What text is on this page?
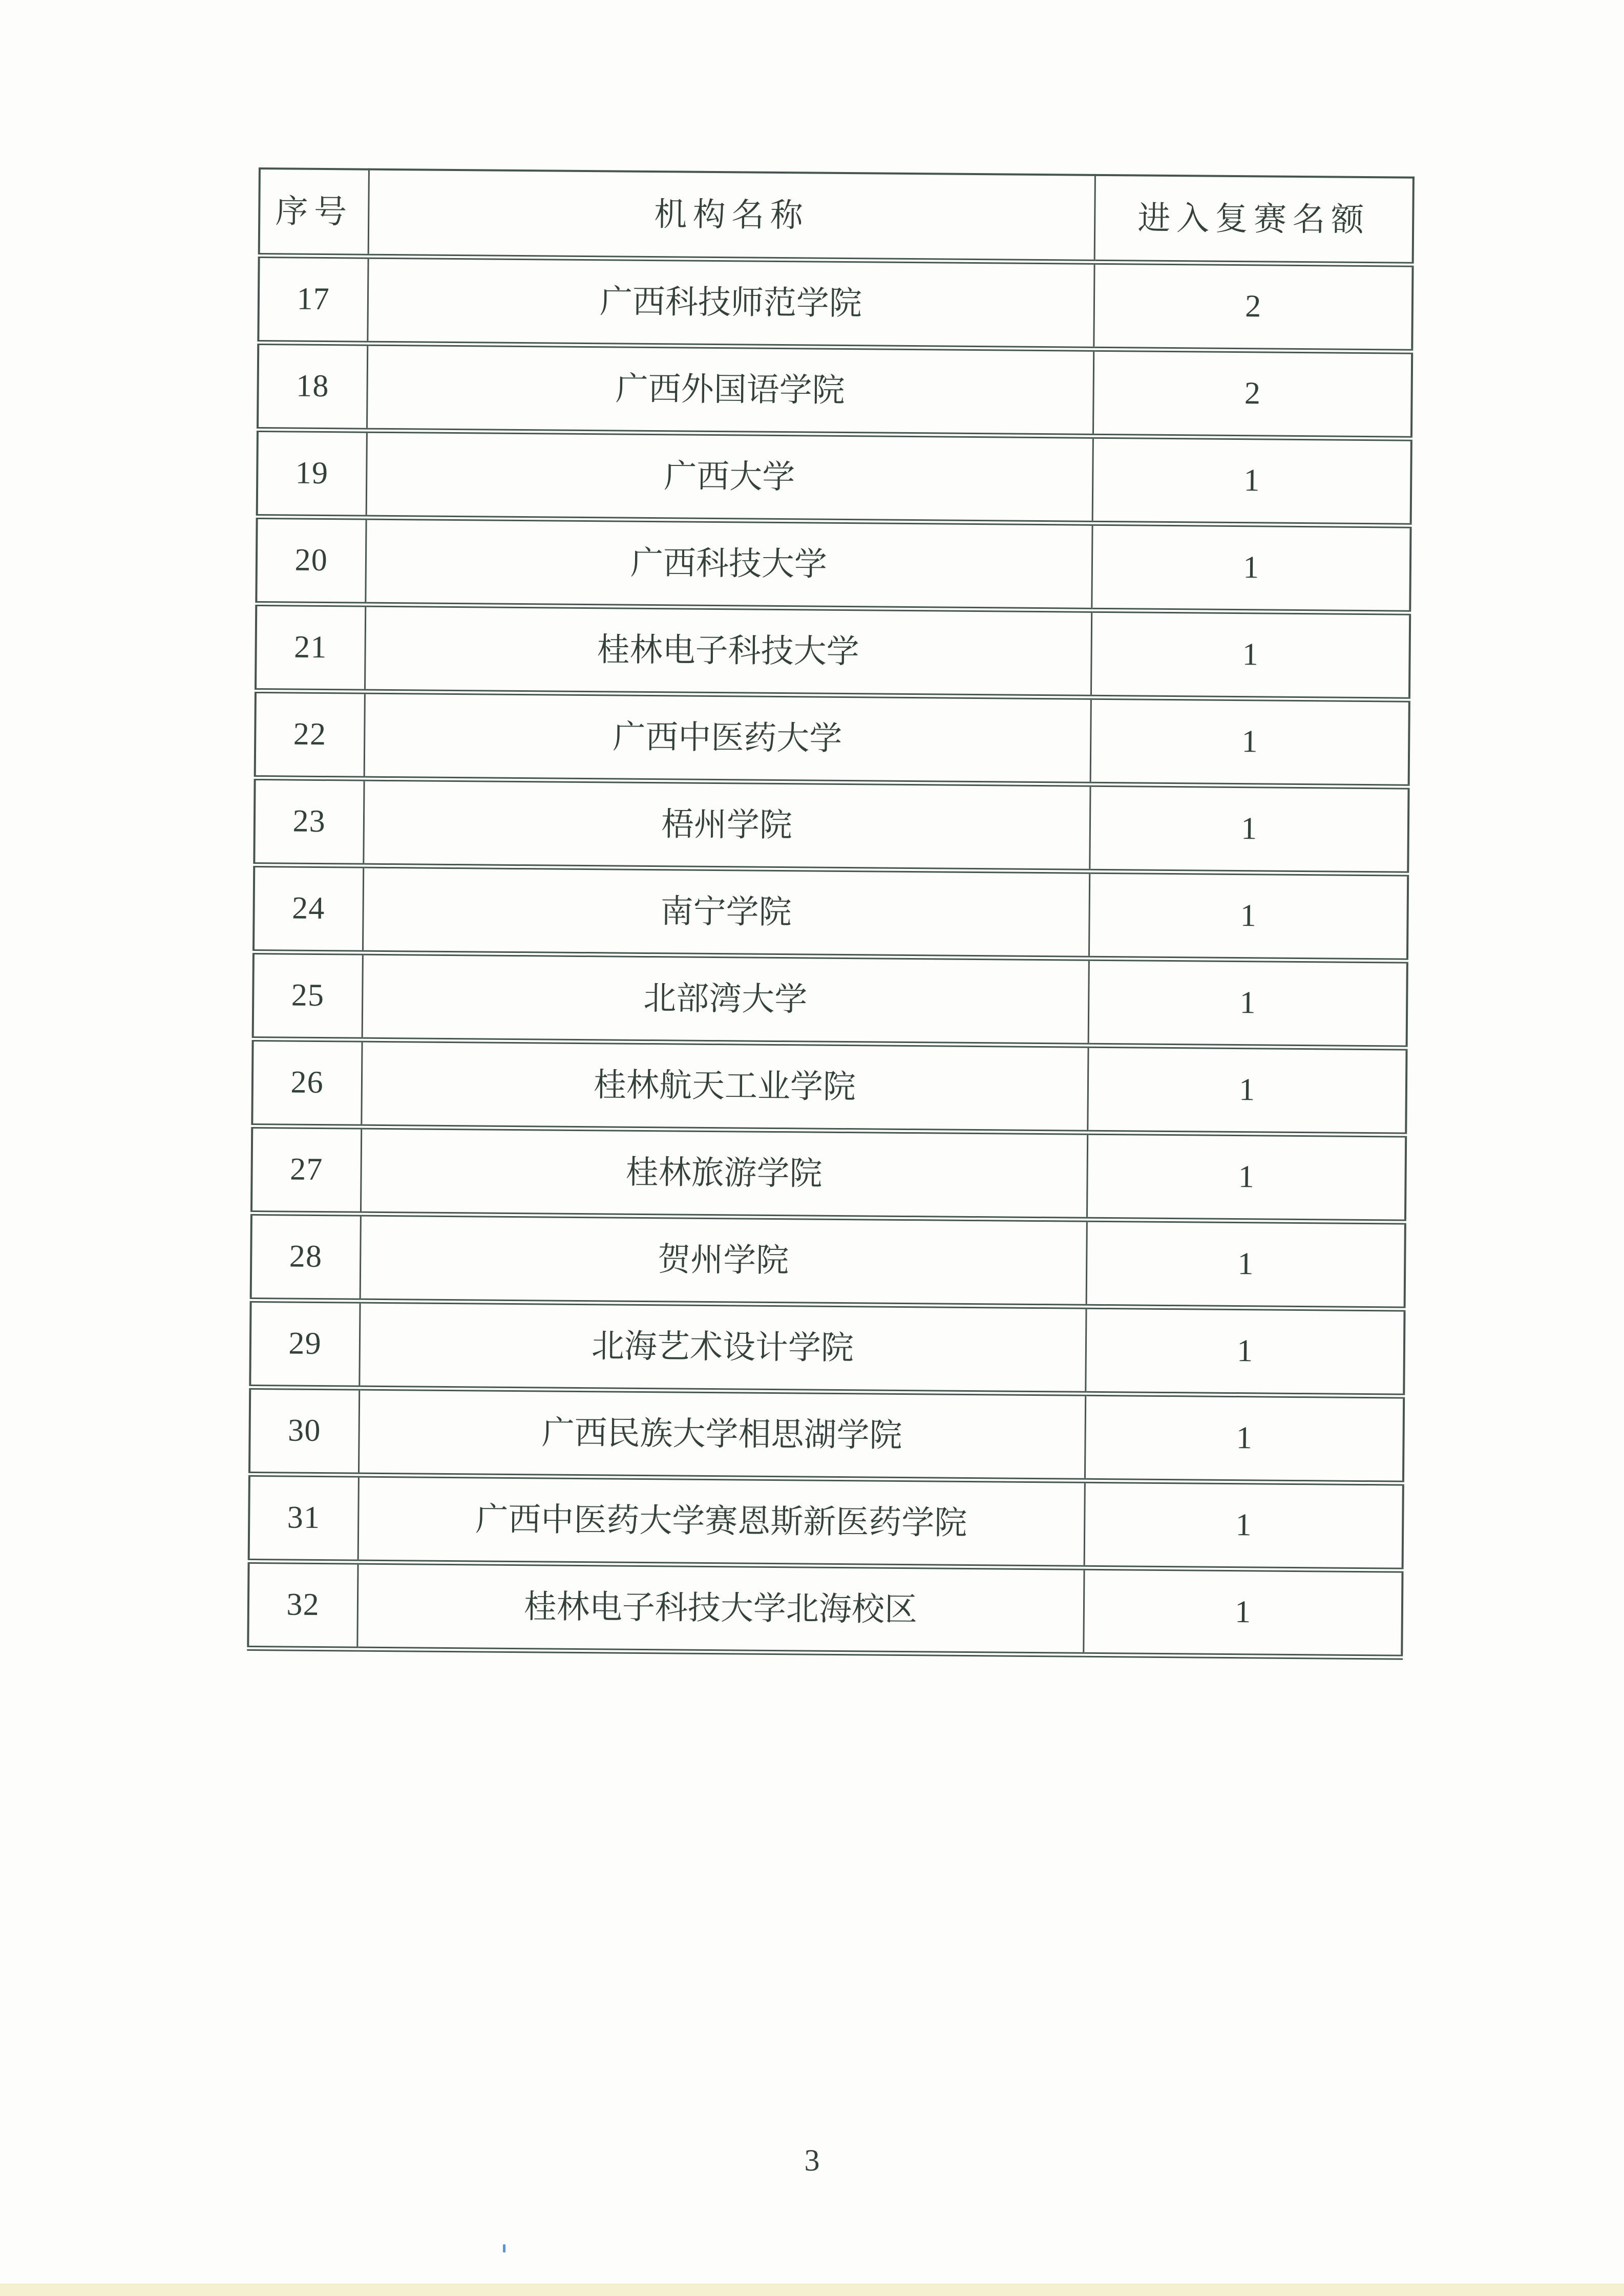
序号	机构名称	进入复赛名额
17	广西科技师范学院	2
18	广西外国语学院	2
19	广西大学	1
20	广西科技大学	1
21	桂林电子科技大学	1
22	广西中医药大学	1
23	梧州学院	1
24	南宁学院	1
25	北部湾大学	1
26	桂林航天工业学院	1
27	桂林旅游学院	1
28	贺州学院	1
29	北海艺术设计学院	1
30	广西民族大学相思湖学院	1
31	广西中医药大学赛恩斯新医药学院	1
32	桂林电子科技大学北海校区	1
3
